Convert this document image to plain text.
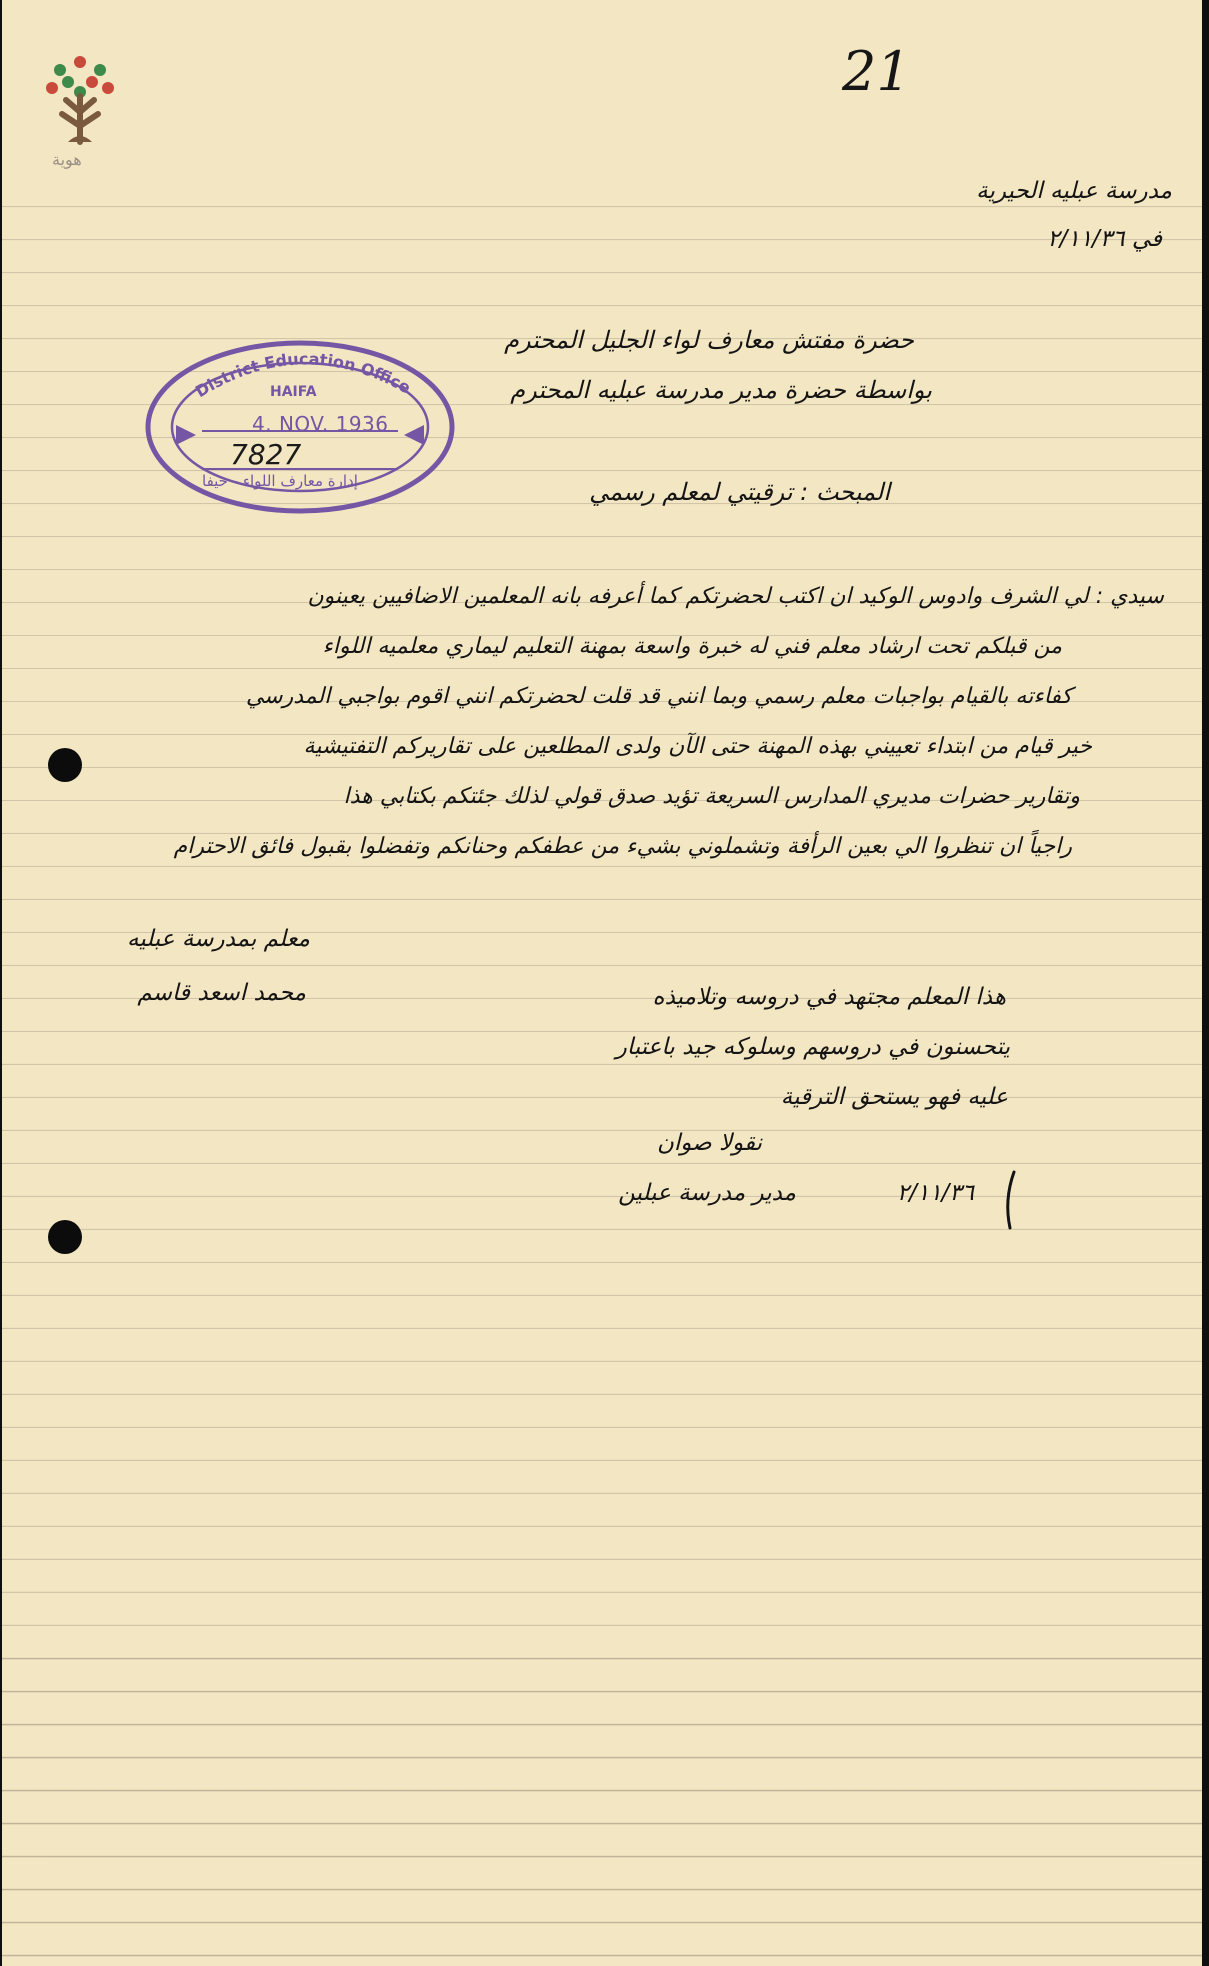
هوية
21
مدرسة عبليه الحيرية
في ٢/١١/٣٦
حضرة مفتش معارف لواء الجليل المحترم
بواسطة حضرة مدير مدرسة عبليه المحترم
District Education Office
HAIFA
4. NOV. 1936
7827
إدارة معارف اللواء - حيفا	المبحث : ترقيتي لمعلم رسمي
سيدي : لي الشرف وادوس الوكيد ان اكتب لحضرتكم كما أعرفه بانه المعلمين الاضافيين يعينون
من قبلكم تحت ارشاد معلم فني له خبرة واسعة بمهنة التعليم ليماري معلميه اللواء
كفاءته بالقيام بواجبات معلم رسمي وبما انني قد قلت لحضرتكم انني اقوم بواجبي المدرسي
خير قيام من ابتداء تعييني بهذه المهنة حتى الآن ولدى المطلعين على تقاريركم التفتيشية
وتقارير حضرات مديري المدارس السريعة تؤيد صدق قولي لذلك جئتكم بكتابي هذا
راجياً ان تنظروا الي بعين الرأفة وتشملوني بشيء من عطفكم وحنانكم وتفضلوا بقبول فائق الاحترام
معلم بمدرسة عبليه
محمد اسعد قاسم	هذا المعلم مجتهد في دروسه وتلاميذه
يتحسنون في دروسهم وسلوكه جيد باعتبار
عليه فهو يستحق الترقية
نقولا صوان
مدير مدرسة عبلين	٢/١١/٣٦
